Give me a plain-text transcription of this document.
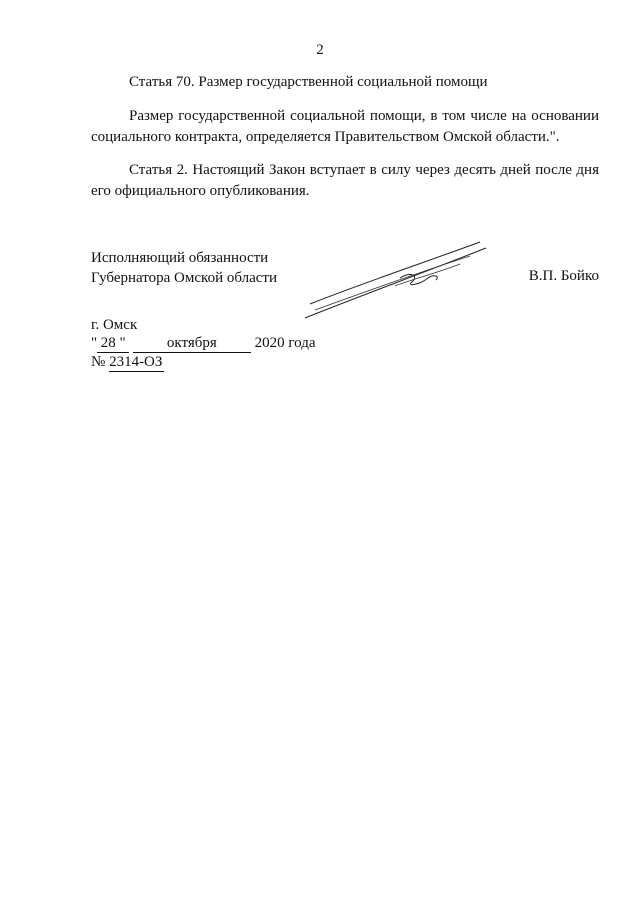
2
Статья 70. Размер государственной социальной помощи

Размер государственной социальной помощи, в том числе на основании социального контракта, определяется Правительством Омской области.".

Статья 2. Настоящий Закон вступает в силу через десять дней после дня его официального опубликования.

Исполняющий обязанности
Губернатора Омской области	В.П. Бойко
г. Омск
" 28 "	октября	2020 года
№ 2314-ОЗ
